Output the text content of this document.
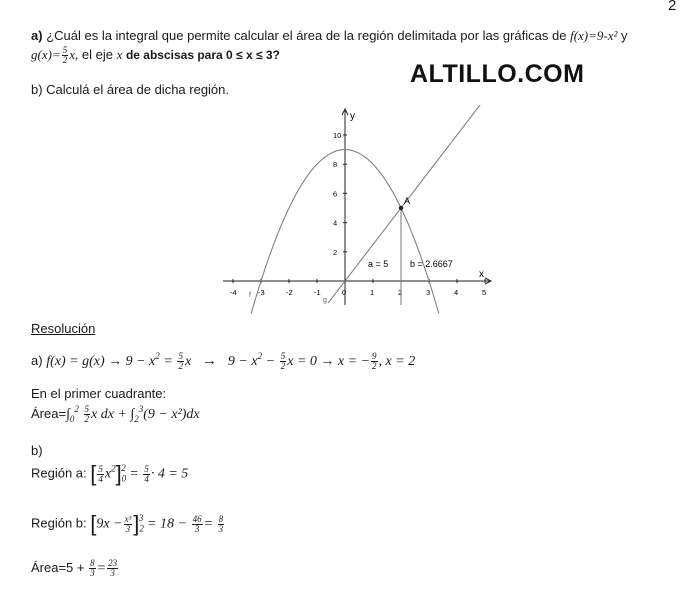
2
a) ¿Cuál es la integral que permite calcular el área de la región delimitada por las gráficas de f(x)=9-x² y
$g(x)= \frac{5}{2} x$, el eje x de abscisas para 0 ≤ x ≤ 3?
b) Calculá el área de dicha región.
ALTILLO.COM
y
x
-4	-3	-2	-1	0	1	2	3	4	5
2
4
6
8
10
A
f
g
a = 5 b = 2.6667
Resolución
a) $f(x) = g(x) \to 9 - x^2 = \frac{5}{2}$ $x \to 9 - x^2 - \frac{5}{2}$ x = 0 → x = − $\frac{9}{2}$ , x = 2
En el primer cuadrante:
$Área=\int_0^2 \frac{5}{2}$ x dx + $\int_2^3(9 - x^2)dx$
b)
Región a: [ $\frac{5}{4} x^2]_0^2 = \frac{5}{4} \cdot 4 = 5$
Región b: $[9x - \frac{\text{x³}}{3} ]_2^3 = 18 - \frac{46}{3} = \frac{8}{3}$
Área=5 + $\frac{8}{3} = \frac{23}{3}$
